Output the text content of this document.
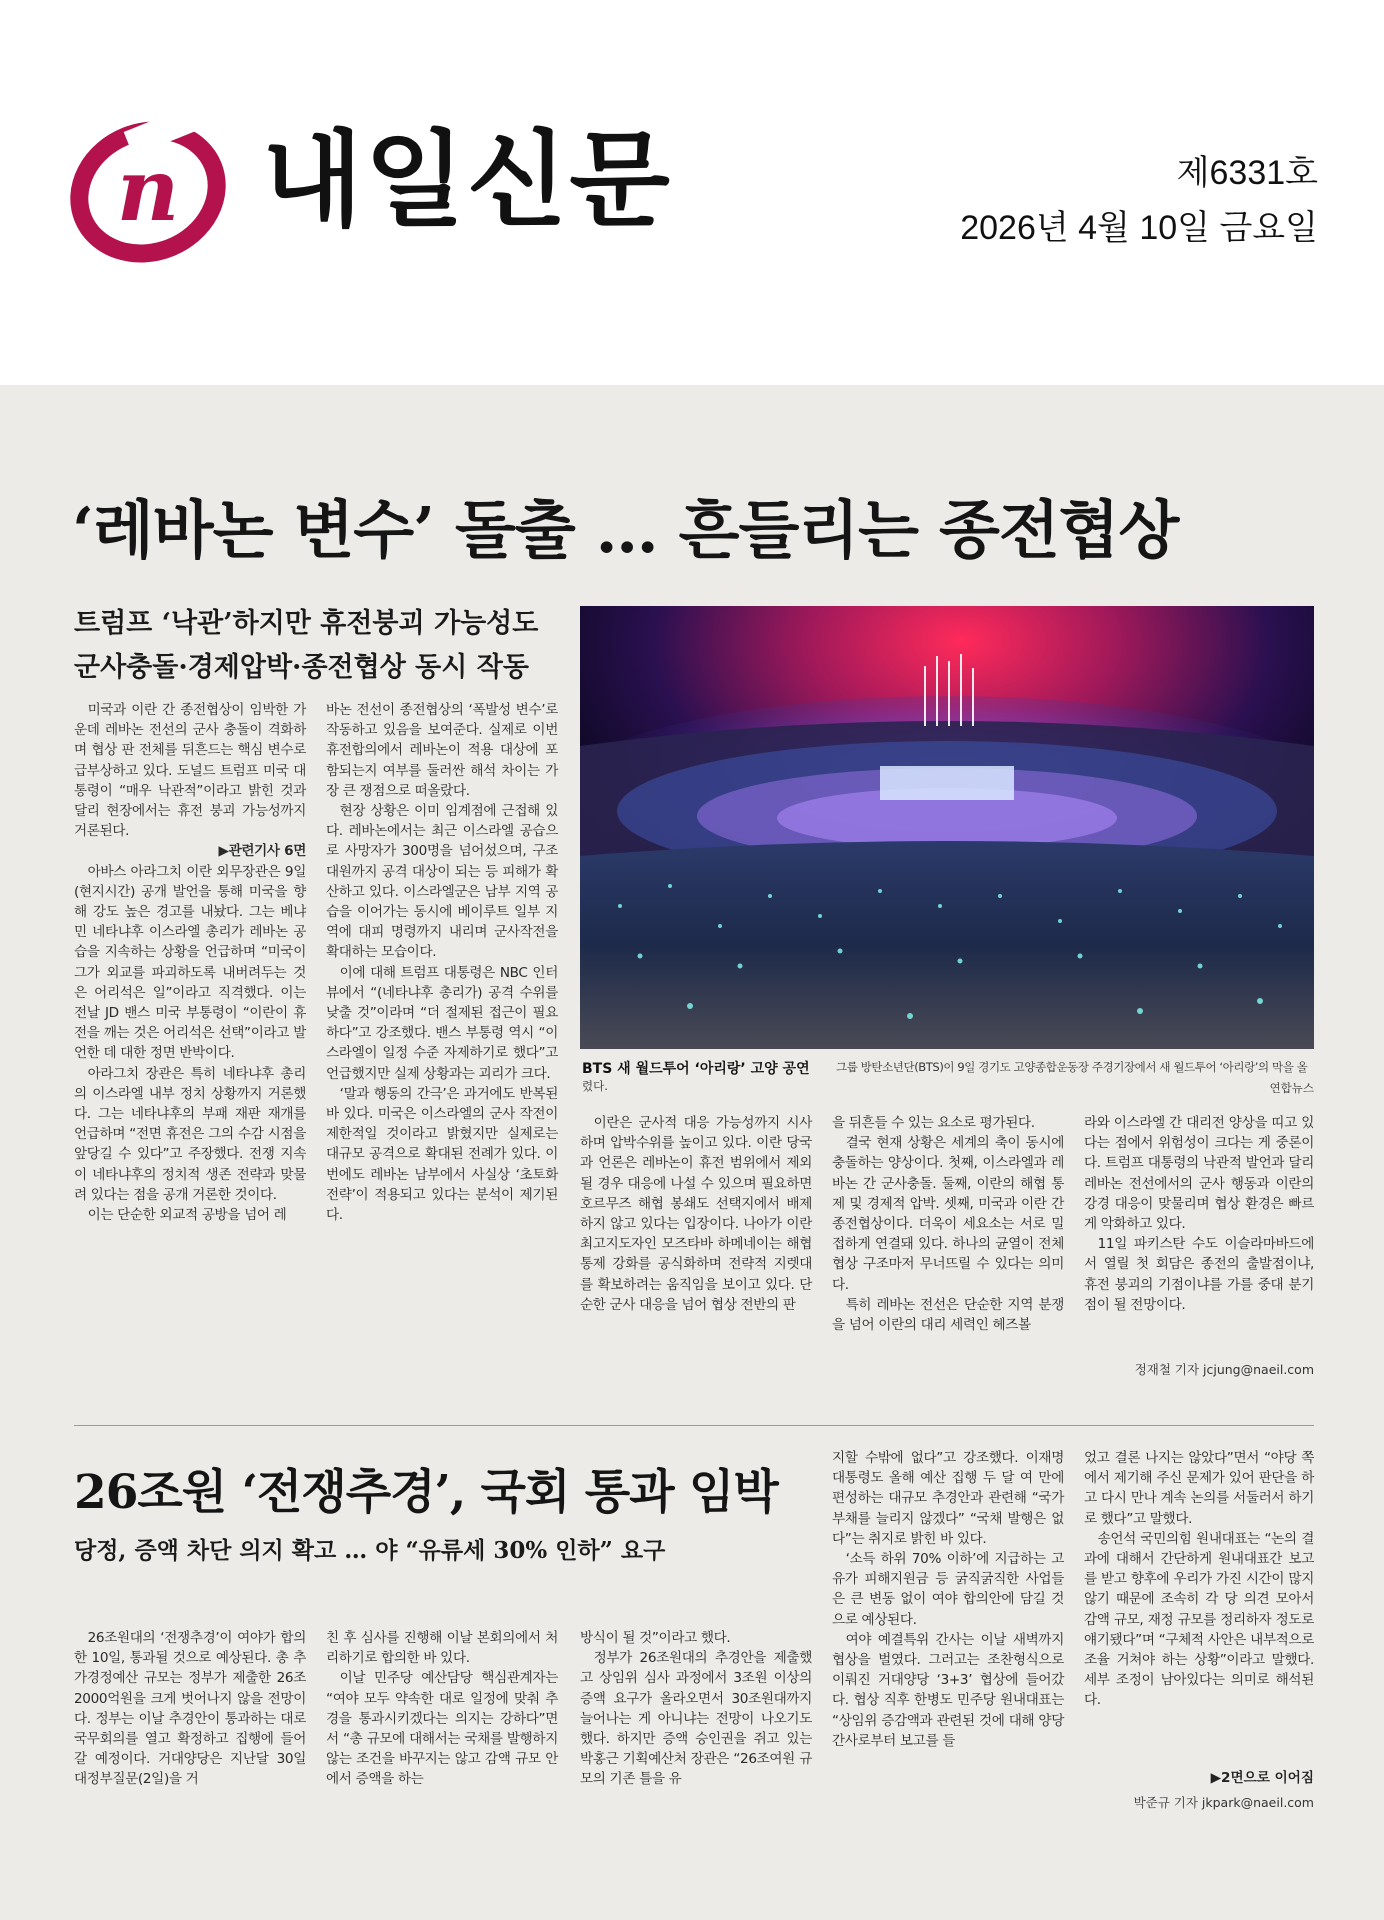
n 내일신문	제6331호
2026년 4월 10일 금요일
‘레바논 변수’ 돌출 … 흔들리는 종전협상
트럼프 ‘낙관’하지만 휴전붕괴 가능성도
군사충돌·경제압박·종전협상 동시 작동

미국과 이란 간 종전협상이 임박한 가운데 레바논 전선의 군사 충돌이 격화하며 협상 판 전체를 뒤흔드는 핵심 변수로 급부상하고 있다. 도널드 트럼프 미국 대통령이 “매우 낙관적”이라고 밝힌 것과 달리 현장에서는 휴전 붕괴 가능성까지 거론된다.

▶관련기사 6면

아바스 아라그치 이란 외무장관은 9일(현지시간) 공개 발언을 통해 미국을 향해 강도 높은 경고를 내놨다. 그는 베냐민 네타냐후 이스라엘 총리가 레바논 공습을 지속하는 상황을 언급하며 “미국이 그가 외교를 파괴하도록 내버려두는 것은 어리석은 일”이라고 직격했다. 이는 전날 JD 밴스 미국 부통령이 “이란이 휴전을 깨는 것은 어리석은 선택”이라고 발언한 데 대한 정면 반박이다.

아라그치 장관은 특히 네타냐후 총리의 이스라엘 내부 정치 상황까지 거론했다. 그는 네타냐후의 부패 재판 재개를 언급하며 “전면 휴전은 그의 수감 시점을 앞당길 수 있다”고 주장했다. 전쟁 지속이 네타냐후의 정치적 생존 전략과 맞물려 있다는 점을 공개 거론한 것이다.

이는 단순한 외교적 공방을 넘어 레

바논 전선이 종전협상의 ‘폭발성 변수’로 작동하고 있음을 보여준다. 실제로 이번 휴전합의에서 레바논이 적용 대상에 포함되는지 여부를 둘러싼 해석 차이는 가장 큰 쟁점으로 떠올랐다.

현장 상황은 이미 임계점에 근접해 있다. 레바논에서는 최근 이스라엘 공습으로 사망자가 300명을 넘어섰으며, 구조대원까지 공격 대상이 되는 등 피해가 확산하고 있다. 이스라엘군은 남부 지역 공습을 이어가는 동시에 베이루트 일부 지역에 대피 명령까지 내리며 군사작전을 확대하는 모습이다.

이에 대해 트럼프 대통령은 NBC 인터뷰에서 “(네타냐후 총리가) 공격 수위를 낮출 것”이라며 “더 절제된 접근이 필요하다”고 강조했다. 밴스 부통령 역시 “이스라엘이 일정 수준 자제하기로 했다”고 언급했지만 실제 상황과는 괴리가 크다.

‘말과 행동의 간극’은 과거에도 반복된 바 있다. 미국은 이스라엘의 군사 작전이 제한적일 것이라고 밝혔지만 실제로는 대규모 공격으로 확대된 전례가 있다. 이번에도 레바논 남부에서 사실상 ‘초토화 전략’이 적용되고 있다는 분석이 제기된다.

BTS 새 월드투어 ‘아리랑’ 고양 공연 그룹 방탄소년단(BTS)이 9일 경기도 고양종합운동장 주경기장에서 새 월드투어 ‘아리랑’의 막을 올
렸다.	연합뉴스

이란은 군사적 대응 가능성까지 시사하며 압박수위를 높이고 있다. 이란 당국과 언론은 레바논이 휴전 범위에서 제외될 경우 대응에 나설 수 있으며 필요하면 호르무즈 해협 봉쇄도 선택지에서 배제하지 않고 있다는 입장이다. 나아가 이란 최고지도자인 모즈타바 하메네이는 해협 통제 강화를 공식화하며 전략적 지렛대를 확보하려는 움직임을 보이고 있다. 단순한 군사 대응을 넘어 협상 전반의 판

을 뒤흔들 수 있는 요소로 평가된다.

결국 현재 상황은 세계의 축이 동시에 충돌하는 양상이다. 첫째, 이스라엘과 레바논 간 군사충돌. 둘째, 이란의 해협 통제 및 경제적 압박. 셋째, 미국과 이란 간 종전협상이다. 더욱이 세요소는 서로 밀접하게 연결돼 있다. 하나의 균열이 전체 협상 구조마저 무너뜨릴 수 있다는 의미다.

특히 레바논 전선은 단순한 지역 분쟁을 넘어 이란의 대리 세력인 헤즈볼

라와 이스라엘 간 대리전 양상을 띠고 있다는 점에서 위험성이 크다는 게 중론이다. 트럼프 대통령의 낙관적 발언과 달리 레바논 전선에서의 군사 행동과 이란의 강경 대응이 맞물리며 협상 환경은 빠르게 악화하고 있다.

11일 파키스탄 수도 이슬라마바드에서 열릴 첫 회담은 종전의 출발점이냐, 휴전 붕괴의 기점이냐를 가를 중대 분기점이 될 전망이다.

정재철 기자 jcjung@naeil.com
26조원 ‘전쟁추경’, 국회 통과 임박
당정, 증액 차단 의지 확고 … 야 “유류세 30% 인하” 요구

26조원대의 ‘전쟁추경’이 여야가 합의한 10일, 통과될 것으로 예상된다. 총 추가경정예산 규모는 정부가 제출한 26조 2000억원을 크게 벗어나지 않을 전망이다. 정부는 이날 추경안이 통과하는 대로 국무회의를 열고 확정하고 집행에 들어갈 예정이다. 거대양당은 지난달 30일 대정부질문(2일)을 거

친 후 심사를 진행해 이날 본회의에서 처리하기로 합의한 바 있다.

이날 민주당 예산담당 핵심관계자는 “여야 모두 약속한 대로 일정에 맞춰 추경을 통과시키겠다는 의지는 강하다”면서 “총 규모에 대해서는 국채를 발행하지 않는 조건을 바꾸지는 않고 감액 규모 안에서 증액을 하는

방식이 될 것”이라고 했다.

정부가 26조원대의 추경안을 제출했고 상임위 심사 과정에서 3조원 이상의 증액 요구가 올라오면서 30조원대까지 늘어나는 게 아니냐는 전망이 나오기도 했다. 하지만 증액 승인권을 쥐고 있는 박홍근 기획예산처 장관은 “26조여원 규모의 기존 틀을 유

지할 수밖에 없다”고 강조했다. 이재명 대통령도 올해 예산 집행 두 달 여 만에 편성하는 대규모 추경안과 관련해 “국가부채를 늘리지 않겠다” “국채 발행은 없다”는 취지로 밝힌 바 있다.

‘소득 하위 70% 이하’에 지급하는 고유가 피해지원금 등 굵직굵직한 사업들은 큰 변동 없이 여야 합의안에 담길 것으로 예상된다.

여야 예결특위 간사는 이날 새벽까지 협상을 벌였다. 그러고는 조찬형식으로 이뤄진 거대양당 ‘3+3’ 협상에 들어갔다. 협상 직후 한병도 민주당 원내대표는 “상임위 증감액과 관련된 것에 대해 양당 간사로부터 보고를 들

었고 결론 나지는 않았다”면서 “야당 쪽에서 제기해 주신 문제가 있어 판단을 하고 다시 만나 계속 논의를 서둘러서 하기로 했다”고 말했다.

송언석 국민의힘 원내대표는 “논의 결과에 대해서 간단하게 원내대표간 보고를 받고 향후에 우리가 가진 시간이 많지 않기 때문에 조속히 각 당 의견 모아서 감액 규모, 재정 규모를 정리하자 정도로 얘기됐다”며 “구체적 사안은 내부적으로 조율 거쳐야 하는 상황”이라고 말했다. 세부 조정이 남아있다는 의미로 해석된다.

▶2면으로 이어짐
박준규 기자 jkpark@naeil.com
